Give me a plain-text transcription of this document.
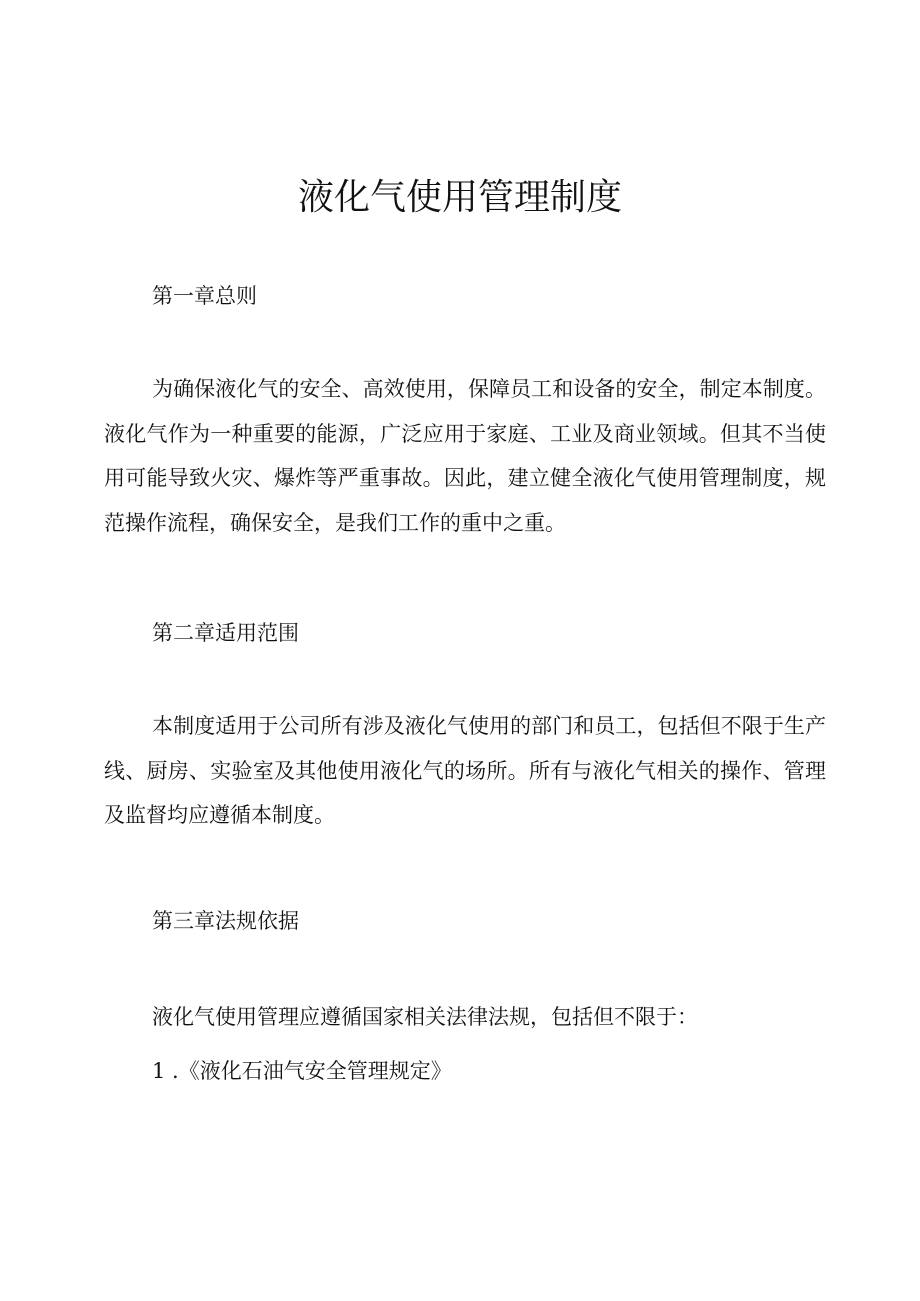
液化气使用管理制度

第一章总则

为确保液化气的安全、高效使用，保障员工和设备的安全，制定本制度。液化气作为一种重要的能源，广泛应用于家庭、工业及商业领域。但其不当使用可能导致火灾、爆炸等严重事故。因此，建立健全液化气使用管理制度，规范操作流程，确保安全，是我们工作的重中之重。

第二章适用范围

本制度适用于公司所有涉及液化气使用的部门和员工，包括但不限于生产线、厨房、实验室及其他使用液化气的场所。所有与液化气相关的操作、管理及监督均应遵循本制度。

第三章法规依据

液化气使用管理应遵循国家相关法律法规，包括但不限于：

1 .《液化石油气安全管理规定》
